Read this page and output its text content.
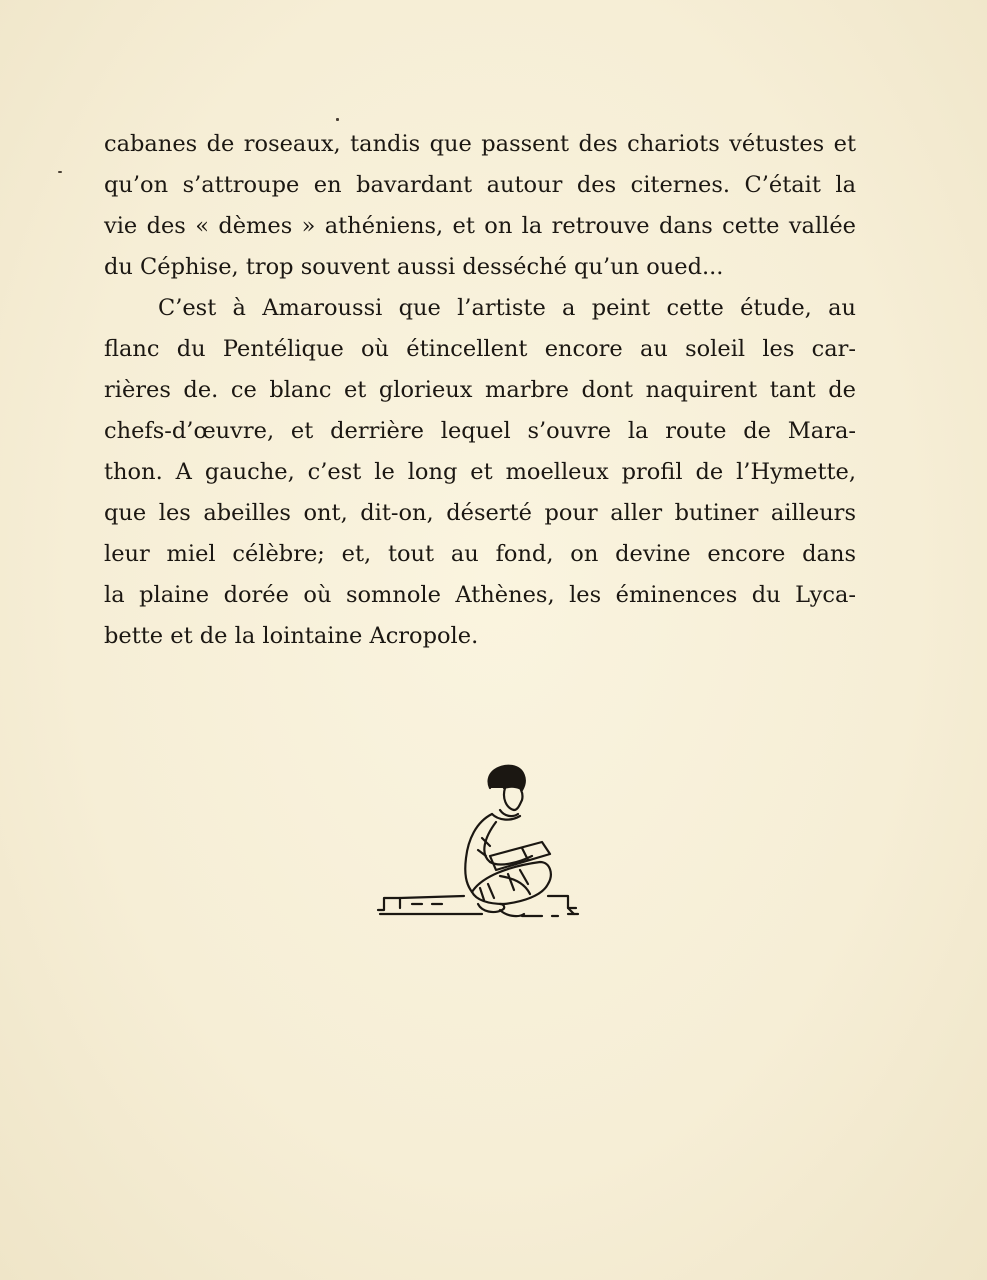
cabanes de roseaux, tandis que passent des chariots vétustes et
qu’on s’attroupe en bavardant autour des citernes. C’était la
vie des « dèmes » athéniens, et on la retrouve dans cette vallée
du Céphise, trop souvent aussi desséché qu’un oued...
C’est à Amaroussi que l’artiste a peint cette étude, au
flanc du Pentélique où étincellent encore au soleil les car-
rières de. ce blanc et glorieux marbre dont naquirent tant de
chefs-d’œuvre, et derrière lequel s’ouvre la route de Mara-
thon. A gauche, c’est le long et moelleux profil de l’Hymette,
que les abeilles ont, dit-on, déserté pour aller butiner ailleurs
leur miel célèbre; et, tout au fond, on devine encore dans
la plaine dorée où somnole Athènes, les éminences du Lyca-
bette et de la lointaine Acropole.
